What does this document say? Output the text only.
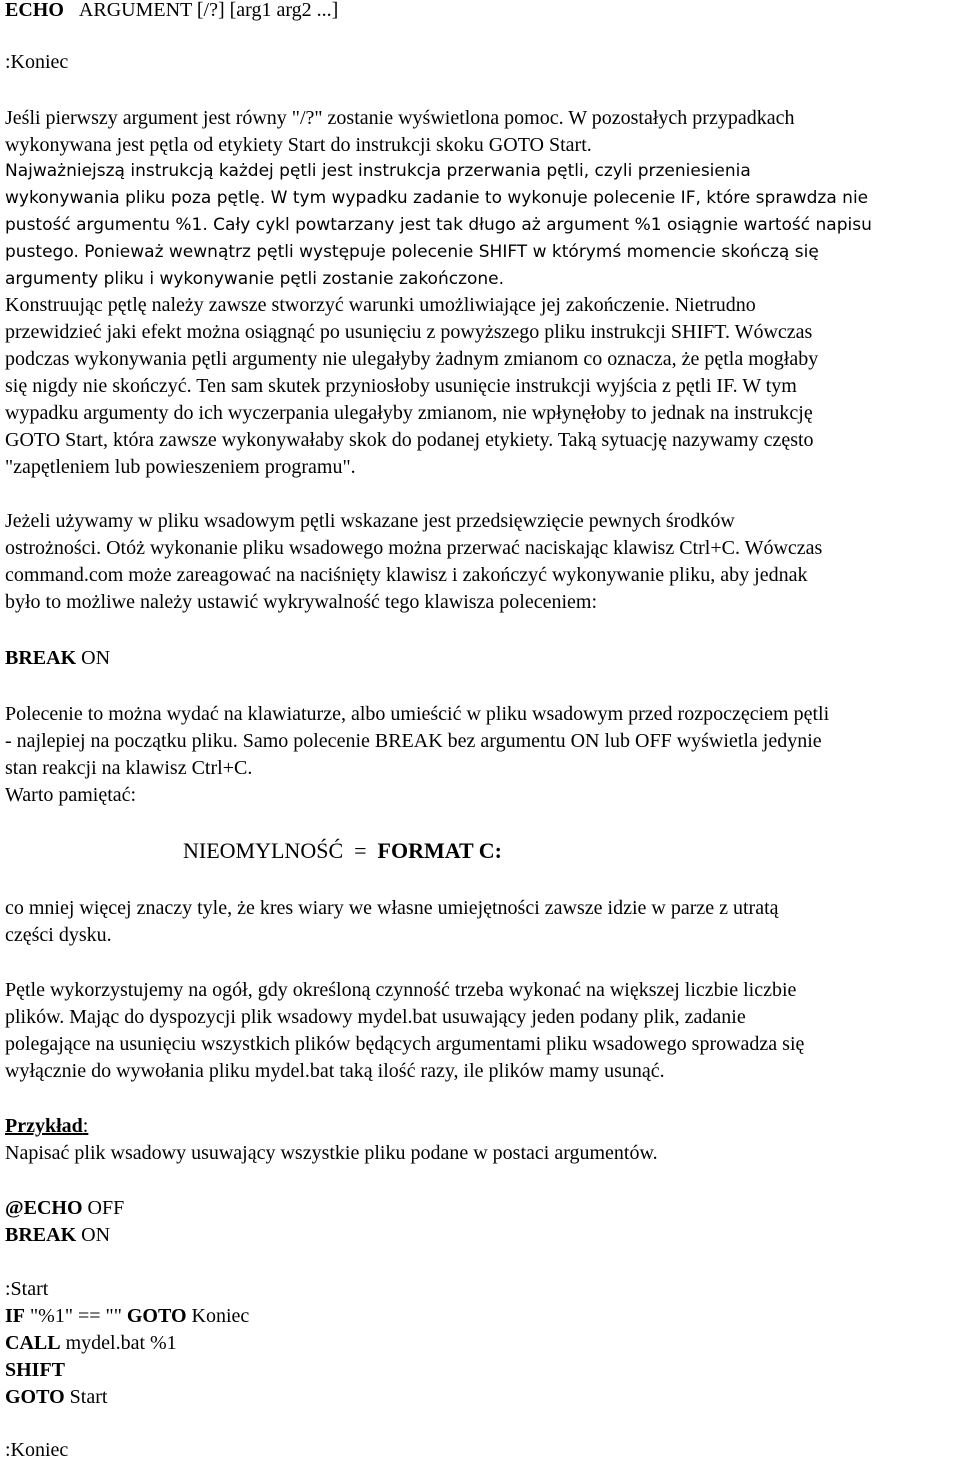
ECHO ARGUMENT [/?] [arg1 arg2 ...]
:Koniec
Jeśli pierwszy argument jest równy "/?" zostanie wyświetlona pomoc. W pozostałych przypadkach
wykonywana jest pętla od etykiety Start do instrukcji skoku GOTO Start.
Najważniejszą instrukcją każdej pętli jest instrukcja przerwania pętli, czyli przeniesienia
wykonywania pliku poza pętlę. W tym wypadku zadanie to wykonuje polecenie IF, które sprawdza nie
pustość argumentu %1. Cały cykl powtarzany jest tak długo aż argument %1 osiągnie wartość napisu
pustego. Ponieważ wewnątrz pętli występuje polecenie SHIFT w którymś momencie skończą się
argumenty pliku i wykonywanie pętli zostanie zakończone.
Konstruując pętlę należy zawsze stworzyć warunki umożliwiające jej zakończenie. Nietrudno
przewidzieć jaki efekt można osiągnąć po usunięciu z powyższego pliku instrukcji SHIFT. Wówczas
podczas wykonywania pętli argumenty nie ulegałyby żadnym zmianom co oznacza, że pętla mogłaby
się nigdy nie skończyć. Ten sam skutek przyniosłoby usunięcie instrukcji wyjścia z pętli IF. W tym
wypadku argumenty do ich wyczerpania ulegałyby zmianom, nie wpłynęłoby to jednak na instrukcję
GOTO Start, która zawsze wykonywałaby skok do podanej etykiety. Taką sytuację nazywamy często
"zapętleniem lub powieszeniem programu".
Jeżeli używamy w pliku wsadowym pętli wskazane jest przedsięwzięcie pewnych środków
ostrożności. Otóż wykonanie pliku wsadowego można przerwać naciskając klawisz Ctrl+C. Wówczas
command.com może zareagować na naciśnięty klawisz i zakończyć wykonywanie pliku, aby jednak
było to możliwe należy ustawić wykrywalność tego klawisza poleceniem:
BREAK ON
Polecenie to można wydać na klawiaturze, albo umieścić w pliku wsadowym przed rozpoczęciem pętli
- najlepiej na początku pliku. Samo polecenie BREAK bez argumentu ON lub OFF wyświetla jedynie
stan reakcji na klawisz Ctrl+C.
Warto pamiętać:
NIEOMYLNOŚĆ = FORMAT C:
co mniej więcej znaczy tyle, że kres wiary we własne umiejętności zawsze idzie w parze z utratą
części dysku.
Pętle wykorzystujemy na ogół, gdy określoną czynność trzeba wykonać na większej liczbie liczbie
plików. Mając do dyspozycji plik wsadowy mydel.bat usuwający jeden podany plik, zadanie
polegające na usunięciu wszystkich plików będących argumentami pliku wsadowego sprowadza się
wyłącznie do wywołania pliku mydel.bat taką ilość razy, ile plików mamy usunąć.
Przykład:
Napisać plik wsadowy usuwający wszystkie pliku podane w postaci argumentów.
@ECHO OFF
BREAK ON
:Start
IF "%1" == "" GOTO Koniec
CALL mydel.bat %1
SHIFT
GOTO Start
:Koniec
